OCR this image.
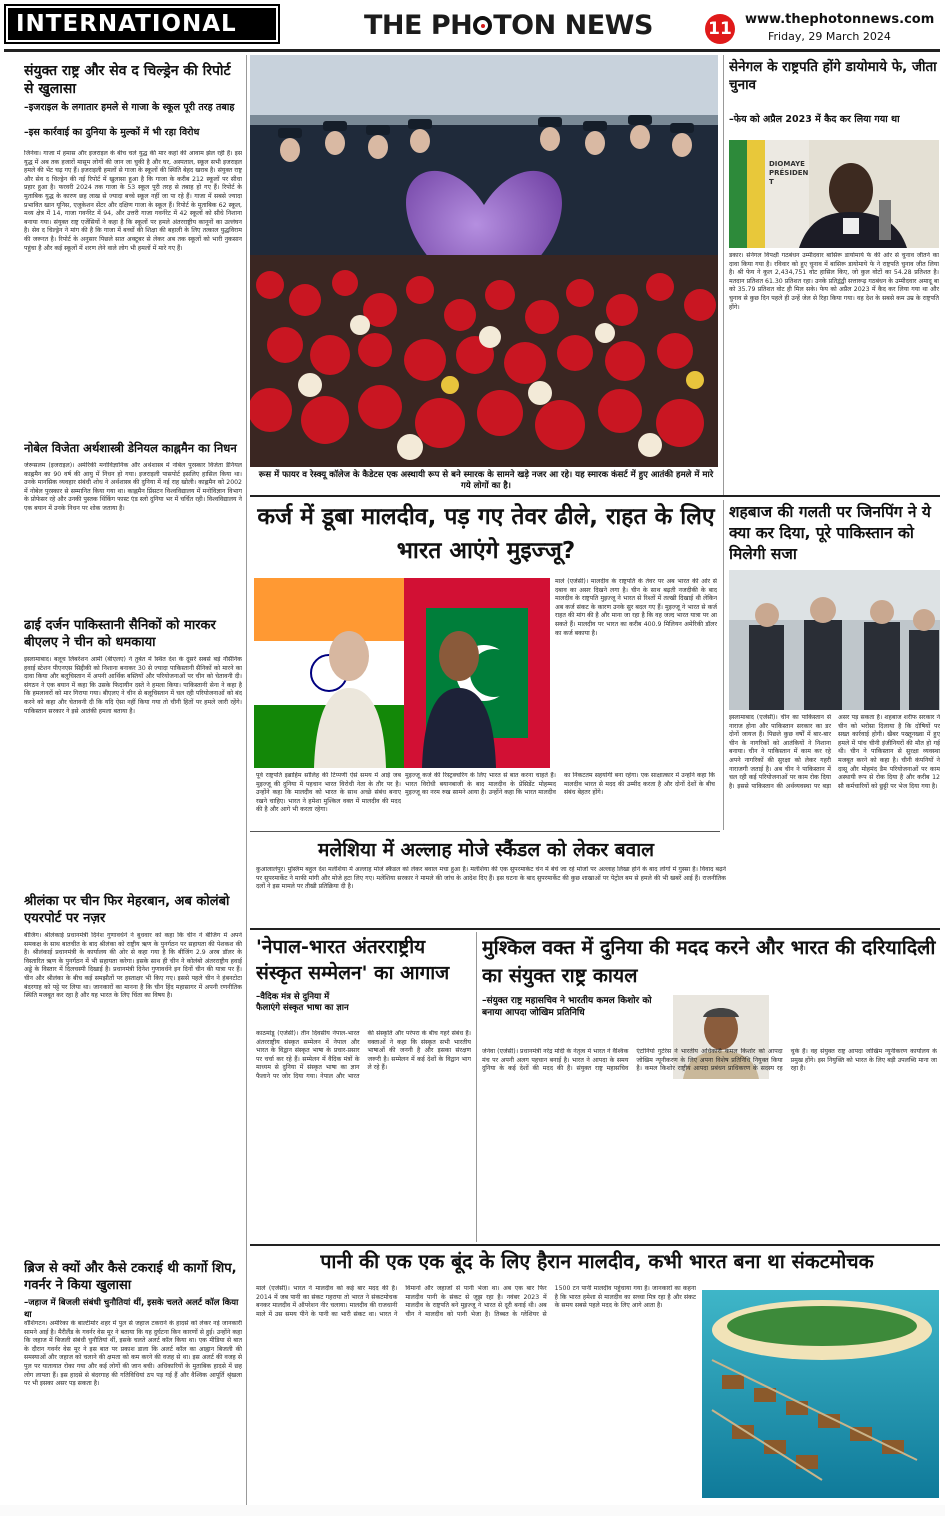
INTERNATIONAL	THE PH TON NEWS	11 www.thephotonnews.com
Friday, 29 March 2024
संयुक्त राष्ट्र और सेव द चिल्ड्रेन की रिपोर्ट से खुलासा
–इजराइल के लगातार हमले से गाजा के स्कूल पूरी तरह तबाह
–इस कार्रवाई का दुनिया के मुल्कों में भी रहा विरोध
जिनेवा। गाजा में हमास और इजराइल के बीच चले युद्ध की मार कहां की आवाम झेल रही है। इस युद्ध में अब तक हजारों मासूम लोगों की जान जा चुकी है और घर, अस्पताल, स्कूल सभी इजराइल हमले की भेंट चढ़ गए हैं। इजराइली हमलों से गाजा के स्कूलों की स्थिति बेहद खराब है। संयुक्त राष्ट्र और सेव द चिल्ड्रेन की नई रिपोर्ट में खुलासा हुआ है कि गाजा के करीब 212 स्कूलों पर सीधा प्रहार हुआ है। फरवरी 2024 तक गाजा के 53 स्कूल पूरी तरह से तबाह हो गए हैं। रिपोर्ट के मुताबिक युद्ध के कारण छह लाख से ज्यादा बच्चे स्कूल नहीं जा पा रहे हैं। गाजा में सबसे ज्यादा प्रभावित खान यूनिस, एजुकेशन सेंटर और दक्षिण गाजा के स्कूल हैं। रिपोर्ट के मुताबिक 62 स्कूल, मध्य क्षेत्र में 14, गाजा गवर्नरेट में 94, और उत्तरी गाजा गवर्नरेट में 42 स्कूलों को सीधे निशाना बनाया गया। संयुक्त राष्ट्र एजेंसियों ने कहा है कि स्कूलों पर हमले अंतरराष्ट्रीय कानूनों का उल्लंघन है। सेव द चिल्ड्रेन ने मांग की है कि गाजा में बच्चों की शिक्षा की बहाली के लिए तत्काल युद्धविराम की जरूरत है। रिपोर्ट के अनुसार पिछले सात अक्टूबर से लेकर अब तक स्कूलों को भारी नुकसान पहुंचा है और कई स्कूलों में शरण लेने वाले लोग भी हमलों में मारे गए हैं।
नोबेल विजेता अर्थशास्त्री डेनियल काह्नमैन का निधन
जेरूसलम (इजराइल)। अमेरिकी मनोविज्ञानिक और अर्थशास्त्र में नोबेल पुरस्कार विजेता डैनियल काह्नमैन का 90 वर्ष की आयु में निधन हो गया। इजराइली पासपोर्ट इसलिए हासिल किया था। उनके मानसिक व्यवहार संबंधी शोध ने अर्थशास्त्र की दुनिया में नई राह खोली। काह्नमैन को 2002 में नोबेल पुरस्कार से सम्मानित किया गया था। काह्नमैन प्रिंसटन विश्वविद्यालय में मनोविज्ञान विभाग के प्रोफेसर रहे और उनकी पुस्तक थिंकिंग फास्ट एंड स्लो दुनिया भर में चर्चित रही। विश्वविद्यालय ने एक बयान में उनके निधन पर शोक जताया है।
ढाई दर्जन पाकिस्तानी सैनिकों को मारकर बीएलए ने चीन को धमकाया
इस्लामाबाद। बलूच लिबरेशन आर्मी (बीएलए) ने तुर्बत में स्थित देश के दूसरे सबसे बड़े नौसैनिक हवाई स्टेशन पीएनएस सिद्दीकी को निशाना बनाकर 30 से ज्यादा पाकिस्तानी सैनिकों को मारने का दावा किया और बलूचिस्तान में अपनी आर्थिक बस्तियों और परियोजनाओं पर चीन को चेतावनी दी। संगठन ने एक बयान में कहा कि उसके फिदायीन दस्ते ने हमला किया। पाकिस्तानी सेना ने कहा है कि हमलावरों को मार गिराया गया। बीएलए ने चीन से बलूचिस्तान में चल रही परियोजनाओं को बंद करने को कहा और चेतावनी दी कि यदि ऐसा नहीं किया गया तो चीनी हितों पर हमले जारी रहेंगे। पाकिस्तान सरकार ने इसे आतंकी हमला बताया है।
श्रीलंका पर चीन फिर मेहरबान, अब कोलंबो एयरपोर्ट पर नज़र
बीजिंग। श्रीलंकाई प्रधानमंत्री दिनेश गुणावर्धने ने बुधवार को कहा कि चीन ने बीजिंग में अपने समकक्ष के साथ बातचीत के बाद श्रीलंका को राष्ट्रीय ऋण के पुनर्गठन पर सहायता की पेशकश की है। श्रीलंकाई प्रधानमंत्री के कार्यालय की ओर से कहा गया है कि बीजिंग 2.9 अरब डॉलर के विस्तारित ऋण के पुनर्गठन में भी सहायता करेगा। इसके साथ ही चीन ने कोलंबो अंतरराष्ट्रीय हवाई अड्डे के विस्तार में दिलचस्पी दिखाई है। प्रधानमंत्री दिनेश गुणावर्धने इन दिनों चीन की यात्रा पर हैं। चीन और श्रीलंका के बीच कई समझौतों पर हस्ताक्षर भी किए गए। इससे पहले चीन ने हंबनटोटा बंदरगाह को पट्टे पर लिया था। जानकारों का मानना है कि चीन हिंद महासागर में अपनी रणनीतिक स्थिति मजबूत कर रहा है और यह भारत के लिए चिंता का विषय है।
ब्रिज से क्यों और कैसे टकराई थी कार्गो शिप, गवर्नर ने किया खुलासा
–जहाज में बिजली संबंधी चुनौतियां थीं, इसके चलते अलर्ट कॉल किया था
वॉशिंगटन। अमेरिका के बाल्टीमोर शहर में पुल से जहाज टकराने के हादसे को लेकर नई जानकारी सामने आई है। मैरीलैंड के गवर्नर वेस मूर ने बताया कि यह दुर्घटना किन कारणों से हुई। उन्होंने कहा कि जहाज में बिजली संबंधी चुनौतियां थीं, इसके चलते अलर्ट कॉल किया था। एक मीडिया से बात के दौरान गवर्नर वेस मूर ने इस बात पर प्रकाश डाला कि अलर्ट कॉल का आह्वान बिजली की समस्याओं और जहाज को चलाने की क्षमता को कम करने की वजह से था। इस अलर्ट की वजह से पुल पर यातायात रोका गया और कई लोगों की जान बची। अधिकारियों के मुताबिक हादसे में छह लोग लापता हैं। इस हादसे से बंदरगाह की गतिविधियां ठप पड़ गई हैं और वैश्विक आपूर्ति श्रृंखला पर भी इसका असर पड़ सकता है।
रूस में फायर व रेस्क्यू कॉलेज के कैडेटस एक अस्थायी रूप से बने स्मारक के सामने खड़े नजर आ रहे। यह स्मारक कंसर्ट में हुए आतंकी हमले में मारे गये लोगों का है।
सेनेगल के राष्ट्रपति होंगे डायोमाये फे, जीता चुनाव
–फेय को अप्रैल 2023 में कैद कर लिया गया था
DIOMAYE PRÉSIDENT
डकार। सेनेगल विपक्षी गठबंधन उम्मीदवार बासिरू डायोमाये फे की ओर से चुनाव जीतने का दावा किया गया है। रविवार को हुए चुनाव में बासिरू डायोमाये फे ने राष्ट्रपति चुनाव जीत लिया है। श्री फेय ने कुल 2,434,751 वोट हासिल किए, जो कुल वोटों का 54.28 प्रतिशत है। मतदान प्रतिशत 61.30 प्रतिशत रहा। उनके प्रतिद्वंद्वी सत्तारूढ़ गठबंधन के उम्मीदवार अमादू बा को 35.79 प्रतिशत वोट ही मिल सके। फेय को अप्रैल 2023 में कैद कर लिया गया था और चुनाव से कुछ दिन पहले ही उन्हें जेल से रिहा किया गया। वह देश के सबसे कम उम्र के राष्ट्रपति होंगे।
कर्ज में डूबा मालदीव, पड़ गए तेवर ढीले, राहत के लिए भारत आएंगे मुइज्जू?
माले (एजेंसी)। मालदीव के राष्ट्रपति के तेवर पर अब भारत की ओर से दबाव का असर दिखने लगा है। चीन के साथ बढ़ती नजदीकी के बाद मालदीव के राष्ट्रपति मुइज्जू ने भारत से रिश्तों में तल्खी दिखाई थी लेकिन अब कर्ज संकट के कारण उनके सुर बदल गए हैं। मुइज्जू ने भारत से कर्ज राहत की मांग की है और माना जा रहा है कि वह जल्द भारत यात्रा पर आ सकते हैं। मालदीव पर भारत का करीब 400.9 मिलियन अमेरिकी डॉलर का कर्ज बकाया है।
पूर्व राष्ट्रपति इब्राहिम सोलिह की टिप्पणी ऐसे समय में आई जब मुइज्जू की दुनिया में पहचान भारत विरोधी नेता के तौर पर है। उन्होंने कहा कि मालदीव को भारत के साथ अच्छे संबंध बनाए रखने चाहिए। भारत ने हमेशा मुश्किल वक्त में मालदीव की मदद की है और आगे भी करता रहेगा।
मुइज्जू कर्ज की रिस्ट्रक्चरिंग के लिए भारत से बात करना चाहते हैं। भारत विरोधी बयानबाजी के बाद मालदीव के प्रेसिडेंट मोहम्मद मुइज्जू का नरम रुख सामने आया है। उन्होंने कहा कि भारत मालदीव का निकटतम सहयोगी बना रहेगा। एक साक्षात्कार में उन्होंने कहा कि मालदीव भारत से मदद की उम्मीद करता है और दोनों देशों के बीच संबंध बेहतर होंगे।
शहबाज की गलती पर जिनपिंग ने ये क्या कर दिया, पूरे पाकिस्तान को मिलेगी सजा
इस्लामाबाद (एजेंसी)। चीन का पाकिस्तान से नाराज होना और पाकिस्तान सरकार का डर दोनों जायज हैं। पिछले कुछ वर्षों में बार-बार चीन के नागरिकों को आतंकियों ने निशाना बनाया। चीन ने पाकिस्तान में काम कर रहे अपने नागरिकों की सुरक्षा को लेकर गहरी नाराजगी जताई है। अब चीन ने पाकिस्तान में चल रही कई परियोजनाओं पर काम रोक दिया है। इससे पाकिस्तान की अर्थव्यवस्था पर बड़ा असर पड़ सकता है। शहबाज शरीफ सरकार ने चीन को भरोसा दिलाया है कि दोषियों पर सख्त कार्रवाई होगी। खैबर पख्तूनख्वा में हुए हमले में पांच चीनी इंजीनियरों की मौत हो गई थी। चीन ने पाकिस्तान से सुरक्षा व्यवस्था मजबूत करने को कहा है। चीनी कंपनियों ने दासू और मोहमंद डैम परियोजनाओं पर काम अस्थायी रूप से रोक दिया है और करीब 12 सौ कर्मचारियों को छुट्टी पर भेज दिया गया है।
मलेशिया में अल्लाह मोजे स्कैंडल को लेकर बवाल
कुआलालंपुर। मुस्लिम बहुल देश मलेशिया में अल्लाह मोजे स्कैंडल को लेकर बवाल मचा हुआ है। मलेशिया की एक सुपरमार्केट चेन में बेचे जा रहे मोजों पर अल्लाह लिखा होने के बाद लोगों में गुस्सा है। विवाद बढ़ने पर सुपरमार्केट ने माफी मांगी और मोजे हटा लिए गए। मलेशिया सरकार ने मामले की जांच के आदेश दिए हैं। इस घटना के बाद सुपरमार्केट की कुछ शाखाओं पर पेट्रोल बम से हमले की भी खबरें आई हैं। राजनीतिक दलों ने इस मामले पर तीखी प्रतिक्रिया दी है।
'नेपाल-भारत अंतरराष्ट्रीय संस्कृत सम्मेलन' का आगाज
–वैदिक मंत्र से दुनिया में फैलाएंगे संस्कृत भाषा का ज्ञान
काठमांडू (एजेंसी)। तीन दिवसीय नेपाल-भारत अंतरराष्ट्रीय संस्कृत सम्मेलन में नेपाल और भारत के विद्वान संस्कृत भाषा के प्रचार-प्रसार पर चर्चा कर रहे हैं। सम्मेलन में वैदिक मंत्रों के माध्यम से दुनिया में संस्कृत भाषा का ज्ञान फैलाने पर जोर दिया गया। नेपाल और भारत की संस्कृति और परंपरा के बीच गहरे संबंध हैं। वक्ताओं ने कहा कि संस्कृत सभी भारतीय भाषाओं की जननी है और इसका संरक्षण जरूरी है। सम्मेलन में कई देशों के विद्वान भाग ले रहे हैं।
मुश्किल वक्त में दुनिया की मदद करने और भारत की दरियादिली का संयुक्त राष्ट्र कायल
–संयुक्त राष्ट्र महासचिव ने भारतीय कमल किशोर को बनाया आपदा जोखिम प्रतिनिधि
जेनेवा (एजेंसी)। प्रधानमंत्री नरेंद्र मोदी के नेतृत्व में भारत ने वैश्विक मंच पर अपनी अलग पहचान बनाई है। भारत ने आपदा के समय दुनिया के कई देशों की मदद की है। संयुक्त राष्ट्र महासचिव एंटोनियो गुटेरेस ने भारतीय अधिकारी कमल किशोर को आपदा जोखिम न्यूनीकरण के लिए अपना विशेष प्रतिनिधि नियुक्त किया है। कमल किशोर राष्ट्रीय आपदा प्रबंधन प्राधिकरण के सदस्य रह चुके हैं। वह संयुक्त राष्ट्र आपदा जोखिम न्यूनीकरण कार्यालय के प्रमुख होंगे। इस नियुक्ति को भारत के लिए बड़ी उपलब्धि माना जा रहा है।
पानी की एक एक बूंद के लिए हैरान मालदीव, कभी भारत बना था संकटमोचक
माले (एजेंसी)। भारत ने मालदीव को कई बार मदद की है। 2014 में जब पानी का संकट गहराया तो भारत ने संकटमोचक बनकर मालदीव में ऑपरेशन नीर चलाया। मालदीव की राजधानी माले में उस समय पीने के पानी का भारी संकट था। भारत ने विमानों और जहाजों से पानी भेजा था। अब एक बार फिर मालदीव पानी के संकट से जूझ रहा है। नवंबर 2023 में मालदीव के राष्ट्रपति बने मुइज्जू ने भारत से दूरी बनाई थी। अब चीन ने मालदीव को पानी भेजा है। तिब्बत के ग्लेशियर से 1500 टन पानी मालदीव पहुंचाया गया है। जानकारों का कहना है कि भारत हमेशा से मालदीव का सच्चा मित्र रहा है और संकट के समय सबसे पहले मदद के लिए आगे आता है।
